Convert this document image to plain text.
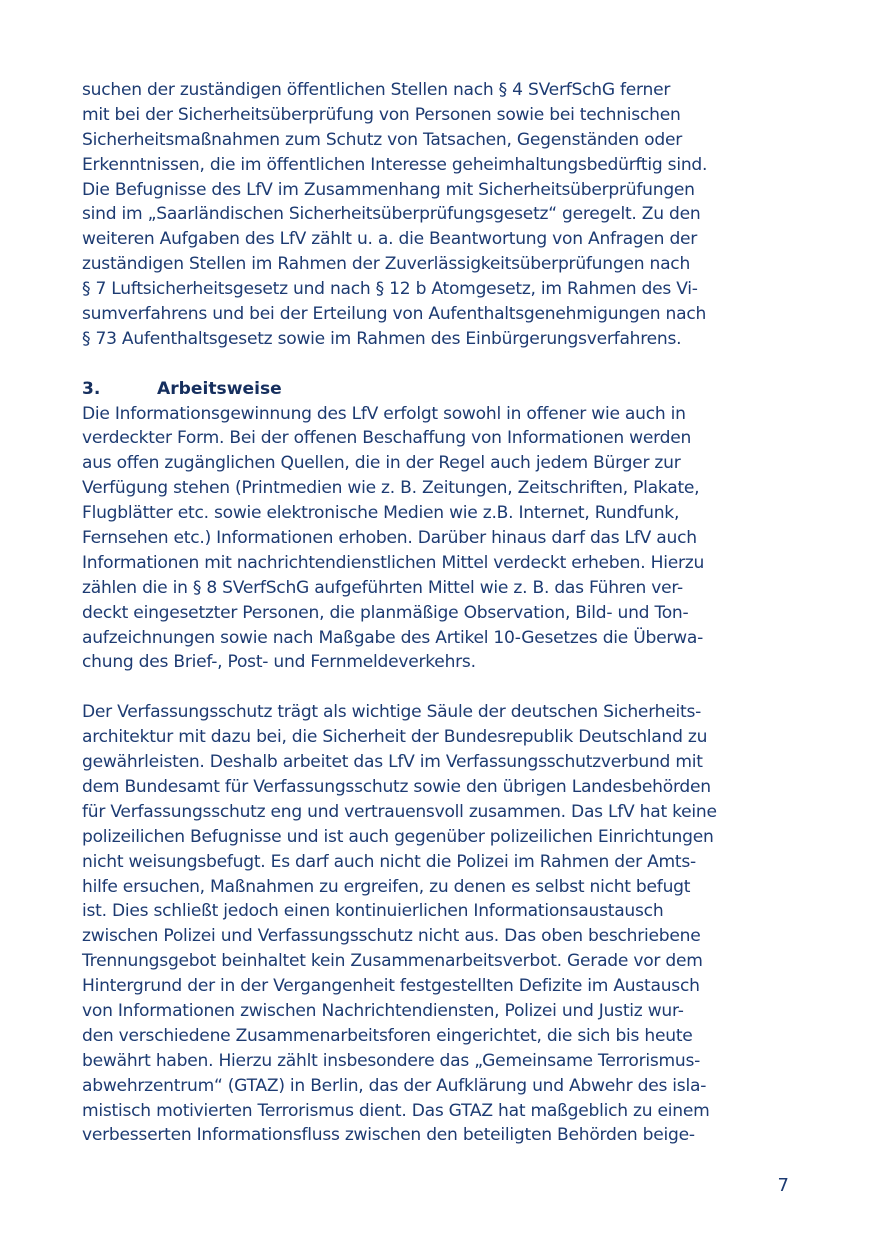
suchen der zuständigen öffentlichen Stellen nach § 4 SVerfSchG ferner
mit bei der Sicherheitsüberprüfung von Personen sowie bei technischen
Sicherheitsmaßnahmen zum Schutz von Tatsachen, Gegenständen oder
Erkenntnissen, die im öffentlichen Interesse geheimhaltungsbedürftig sind.
Die Befugnisse des LfV im Zusammenhang mit Sicherheitsüberprüfungen
sind im „Saarländischen Sicherheitsüberprüfungsgesetz“ geregelt. Zu den
weiteren Aufgaben des LfV zählt u. a. die Beantwortung von Anfragen der
zuständigen Stellen im Rahmen der Zuverlässigkeitsüberprüfungen nach
§ 7 Luftsicherheitsgesetz und nach § 12 b Atomgesetz, im Rahmen des Vi-
sumverfahrens und bei der Erteilung von Aufenthaltsgenehmigungen nach
§ 73 Aufenthaltsgesetz sowie im Rahmen des Einbürgerungsverfahrens.
3.	Arbeitsweise
Die Informationsgewinnung des LfV erfolgt sowohl in offener wie auch in
verdeckter Form. Bei der offenen Beschaffung von Informationen werden
aus offen zugänglichen Quellen, die in der Regel auch jedem Bürger zur
Verfügung stehen (Printmedien wie z. B. Zeitungen, Zeitschriften, Plakate,
Flugblätter etc. sowie elektronische Medien wie z.B. Internet, Rundfunk,
Fernsehen etc.) Informationen erhoben. Darüber hinaus darf das LfV auch
Informationen mit nachrichtendienstlichen Mittel verdeckt erheben. Hierzu
zählen die in § 8 SVerfSchG aufgeführten Mittel wie z. B. das Führen ver-
deckt eingesetzter Personen, die planmäßige Observation, Bild- und Ton-
aufzeichnungen sowie nach Maßgabe des Artikel 10-Gesetzes die Überwa-
chung des Brief-, Post- und Fernmeldeverkehrs.
Der Verfassungsschutz trägt als wichtige Säule der deutschen Sicherheits-
architektur mit dazu bei, die Sicherheit der Bundesrepublik Deutschland zu
gewährleisten. Deshalb arbeitet das LfV im Verfassungsschutzverbund mit
dem Bundesamt für Verfassungsschutz sowie den übrigen Landesbehörden
für Verfassungsschutz eng und vertrauensvoll zusammen. Das LfV hat keine
polizeilichen Befugnisse und ist auch gegenüber polizeilichen Einrichtungen
nicht weisungsbefugt. Es darf auch nicht die Polizei im Rahmen der Amts-
hilfe ersuchen, Maßnahmen zu ergreifen, zu denen es selbst nicht befugt
ist. Dies schließt jedoch einen kontinuierlichen Informationsaustausch
zwischen Polizei und Verfassungsschutz nicht aus. Das oben beschriebene
Trennungsgebot beinhaltet kein Zusammenarbeitsverbot. Gerade vor dem
Hintergrund der in der Vergangenheit festgestellten Defizite im Austausch
von Informationen zwischen Nachrichtendiensten, Polizei und Justiz wur-
den verschiedene Zusammenarbeitsforen eingerichtet, die sich bis heute
bewährt haben. Hierzu zählt insbesondere das „Gemeinsame Terrorismus-
abwehrzentrum“ (GTAZ) in Berlin, das der Aufklärung und Abwehr des isla-
mistisch motivierten Terrorismus dient. Das GTAZ hat maßgeblich zu einem
verbesserten Informationsfluss zwischen den beteiligten Behörden beige-
7
